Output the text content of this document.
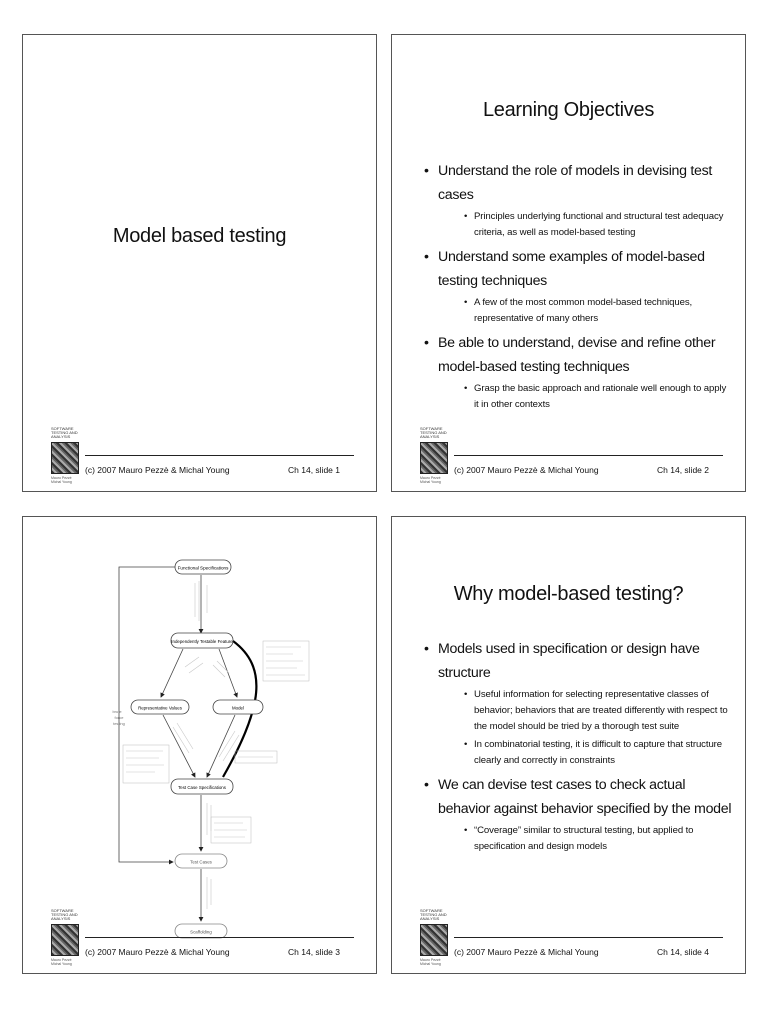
Model based testing
SOFTWARE TESTING AND ANALYSIS
Mauro Pezzè Michal Young
(c) 2007 Mauro Pezzè & Michal Young	Ch 14, slide 1
Learning Objectives
• Understand the role of models in devising test cases
• Principles underlying functional and structural test adequacy criteria, as well as model-based testing
• Understand some examples of model-based testing techniques
• A few of the most common model-based techniques, representative of many others
• Be able to understand, devise and refine other model-based testing techniques
• Grasp the basic approach and rationale well enough to apply it in other contexts
SOFTWARE TESTING AND ANALYSIS
Mauro Pezzè Michal Young
(c) 2007 Mauro Pezzè & Michal Young	Ch 14, slide 2
Functional Specifications
Independently Testable Feature
Representative Values	Model
Test Case Specifications
Test Cases
Scaffolding
brute force testing
SOFTWARE TESTING AND ANALYSIS
Mauro Pezzè Michal Young
(c) 2007 Mauro Pezzè & Michal Young	Ch 14, slide 3
Why model-based testing?
• Models used in specification or design have structure
• Useful information for selecting representative classes of behavior; behaviors that are treated differently with respect to the model should be tried by a thorough test suite
• In combinatorial testing, it is difficult to capture that structure clearly and correctly in constraints
• We can devise test cases to check actual behavior against behavior specified by the model
• “Coverage” similar to structural testing, but applied to specification and design models
SOFTWARE TESTING AND ANALYSIS
Mauro Pezzè Michal Young
(c) 2007 Mauro Pezzè & Michal Young	Ch 14, slide 4
